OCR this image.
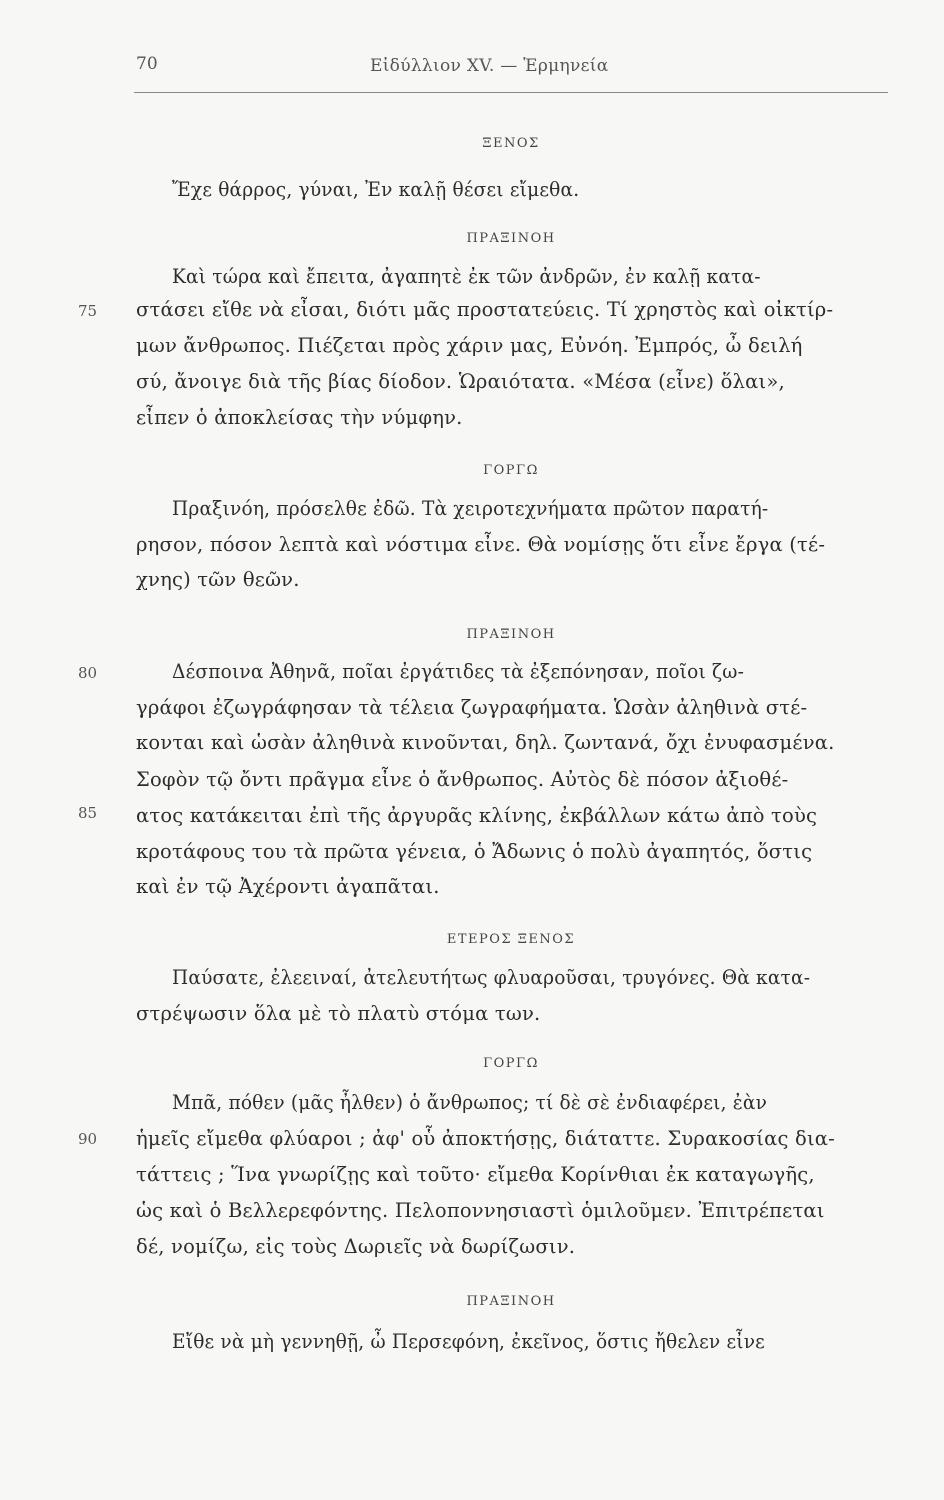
70	Εἰδύλλιον XV. — Ἑρμηνεία
ΞΕΝΟΣ
Ἔχε θάρρος, γύναι, Ἐν καλῇ θέσει εἴμεθα.
ΠΡΑΞΙΝΟΗ
Καὶ τώρα καὶ ἔπειτα, ἀγαπητὲ ἐκ τῶν ἀνδρῶν, ἐν καλῇ κατα-
75	στάσει εἴθε νὰ εἶσαι, διότι μᾶς προστατεύεις. Τί χρηστὸς καὶ οἰκτίρ-
μων ἄνθρωπος. Πιέζεται πρὸς χάριν μας, Εὐνόη. Ἐμπρός, ὦ δειλή
σύ, ἄνοιγε διὰ τῆς βίας δίοδον. Ὡραιότατα. «Μέσα (εἶνε) ὅλαι»,
εἶπεν ὁ ἀποκλείσας τὴν νύμφην.
ΓΟΡΓΩ
Πραξινόη, πρόσελθε ἐδῶ. Τὰ χειροτεχνήματα πρῶτον παρατή-
ρησον, πόσον λεπτὰ καὶ νόστιμα εἶνε. Θὰ νομίσῃς ὅτι εἶνε ἔργα (τέ-
χνης) τῶν θεῶν.
ΠΡΑΞΙΝΟΗ
80	Δέσποινα Ἀθηνᾶ, ποῖαι ἐργάτιδες τὰ ἐξεπόνησαν, ποῖοι ζω-
γράφοι ἐζωγράφησαν τὰ τέλεια ζωγραφήματα. Ὡσὰν ἀληθινὰ στέ-
κονται καὶ ὡσὰν ἀληθινὰ κινοῦνται, δηλ. ζωντανά, ὄχι ἐνυφασμένα.
Σοφὸν τῷ ὄντι πρᾶγμα εἶνε ὁ ἄνθρωπος. Αὐτὸς δὲ πόσον ἀξιοθέ-
85	ατος κατάκειται ἐπὶ τῆς ἀργυρᾶς κλίνης, ἐκβάλλων κάτω ἀπὸ τοὺς
κροτάφους του τὰ πρῶτα γένεια, ὁ Ἄδωνις ὁ πολὺ ἀγαπητός, ὅστις
καὶ ἐν τῷ Ἀχέροντι ἀγαπᾶται.
ΕΤΕΡΟΣ ΞΕΝΟΣ
Παύσατε, ἐλεειναί, ἀτελευτήτως φλυαροῦσαι, τρυγόνες. Θὰ κατα-
στρέψωσιν ὅλα μὲ τὸ πλατὺ στόμα των.
ΓΟΡΓΩ
Μπᾶ, πόθεν (μᾶς ἦλθεν) ὁ ἄνθρωπος; τί δὲ σὲ ἐνδιαφέρει, ἐὰν
90	ἡμεῖς εἴμεθα φλύαροι ; ἀφ' οὗ ἀποκτήσῃς, διάταττε. Συρακοσίας δια-
τάττεις ; Ἵνα γνωρίζῃς καὶ τοῦτο· εἴμεθα Κορίνθιαι ἐκ καταγωγῆς,
ὡς καὶ ὁ Βελλερεφόντης. Πελοποννησιαστὶ ὁμιλοῦμεν. Ἐπιτρέπεται
δέ, νομίζω, εἰς τοὺς Δωριεῖς νὰ δωρίζωσιν.
ΠΡΑΞΙΝΟΗ
Εἴθε νὰ μὴ γεννηθῇ, ὦ Περσεφόνη, ἐκεῖνος, ὅστις ἤθελεν εἶνε
